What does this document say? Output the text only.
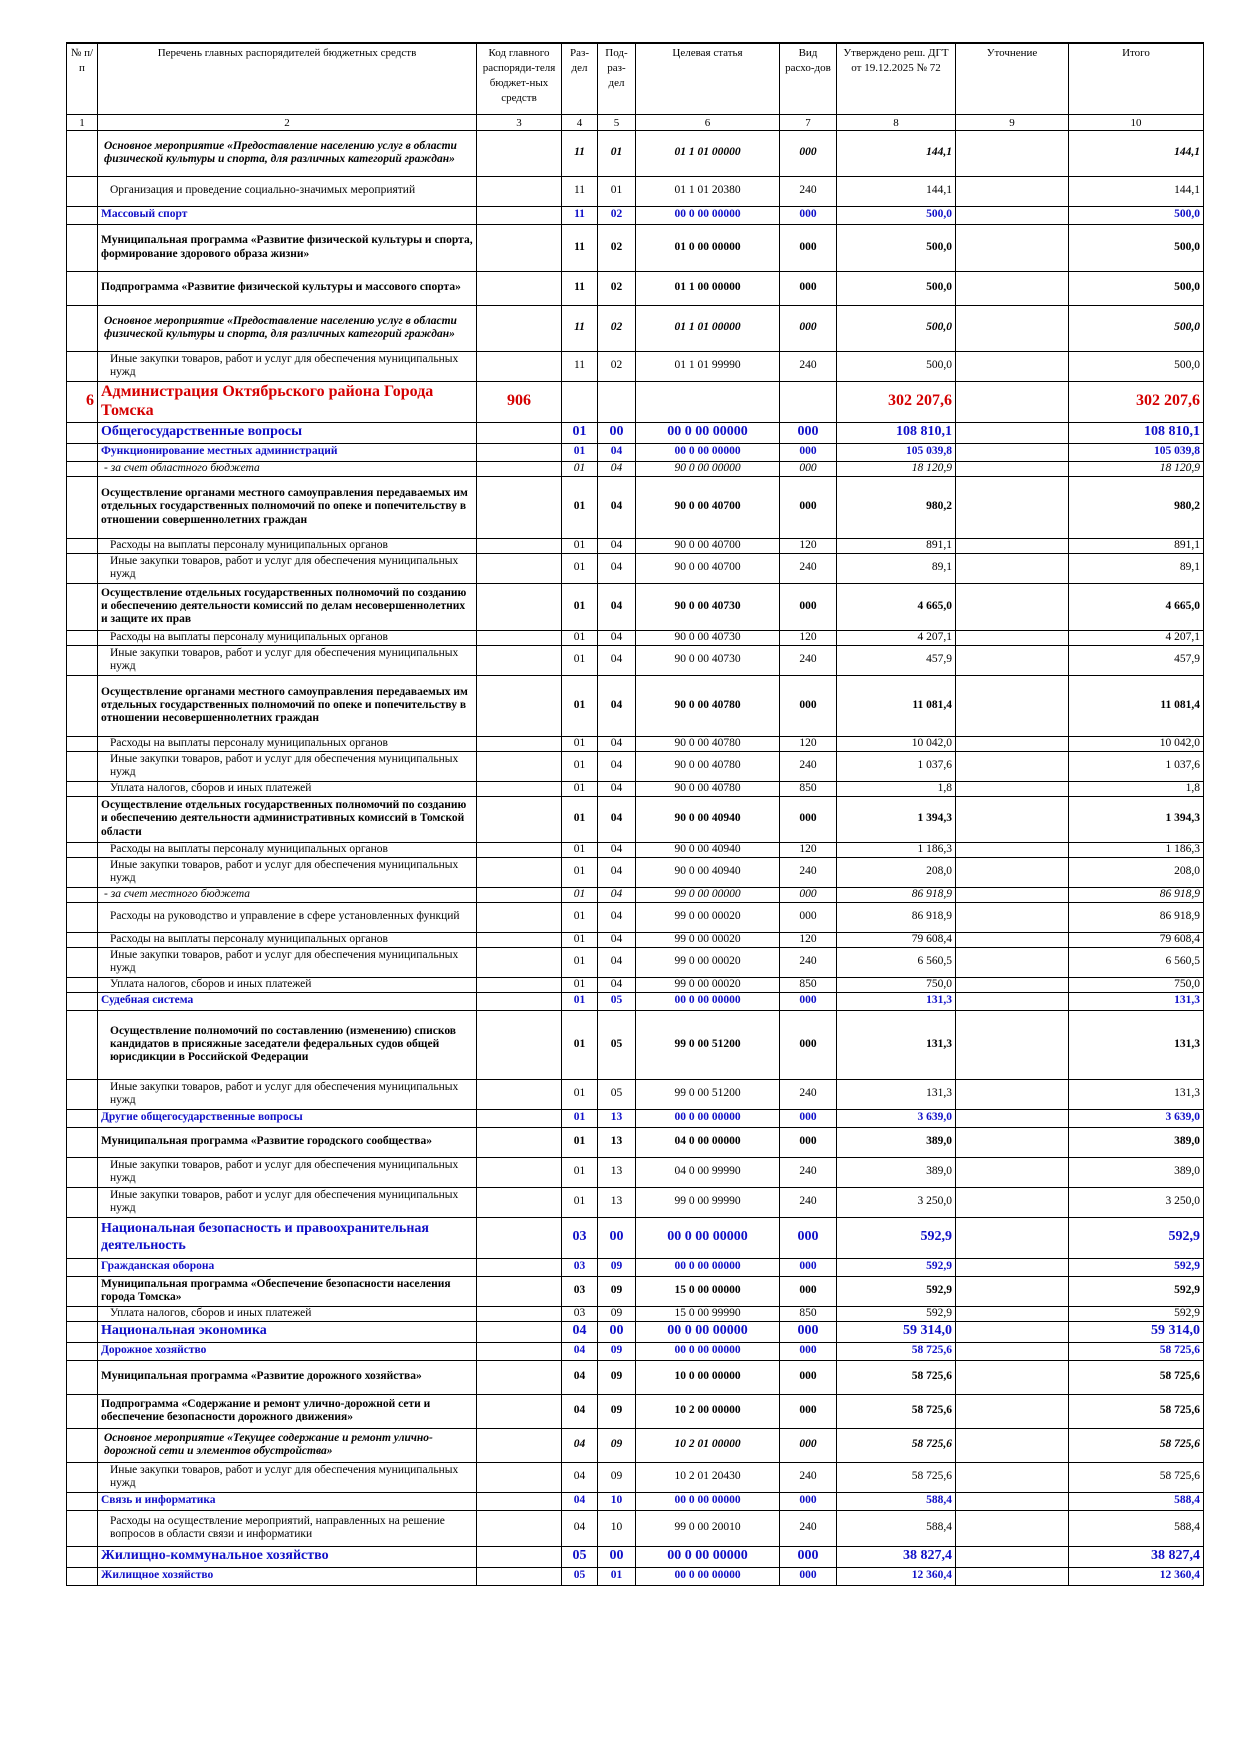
№ п/п	Перечень главных распорядителей бюджетных средств	Код главного распоряди-теля бюджет-ных средств	Раз-дел	Под-раз-дел	Целевая статья	Вид расхо-дов	Утверждено реш. ДГТ от 19.12.2025 № 72	Уточнение	Итого
1	2	3	4	5	6	7	8	9	10
	Основное мероприятие «Предоставление населению услуг в области физической культуры и спорта, для различных категорий граждан»		11	01	01 1 01 00000	000	144,1		144,1
	Организация и проведение социально-значимых мероприятий		11	01	01 1 01 20380	240	144,1		144,1
	Массовый спорт		11	02	00 0 00 00000	000	500,0		500,0
	Муниципальная программа «Развитие физической культуры и спорта, формирование здорового образа жизни»		11	02	01 0 00 00000	000	500,0		500,0
	Подпрограмма «Развитие физической культуры и массового спорта»		11	02	01 1 00 00000	000	500,0		500,0
	Основное мероприятие «Предоставление населению услуг в области физической культуры и спорта, для различных категорий граждан»		11	02	01 1 01 00000	000	500,0		500,0
	Иные закупки товаров, работ и услуг для обеспечения муниципальных нужд		11	02	01 1 01 99990	240	500,0		500,0
6	Администрация Октябрьского района Города Томска	906					302 207,6		302 207,6
	Общегосударственные вопросы		01	00	00 0 00 00000	000	108 810,1		108 810,1
	Функционирование местных администраций		01	04	00 0 00 00000	000	105 039,8		105 039,8
	- за счет областного бюджета		01	04	90 0 00 00000	000	18 120,9		18 120,9
	Осуществление органами местного самоуправления передаваемых им отдельных государственных полномочий по опеке и попечительству в отношении совершеннолетних граждан		01	04	90 0 00 40700	000	980,2		980,2
	Расходы на выплаты персоналу муниципальных органов		01	04	90 0 00 40700	120	891,1		891,1
	Иные закупки товаров, работ и услуг для обеспечения муниципальных нужд		01	04	90 0 00 40700	240	89,1		89,1
	Осуществление отдельных государственных полномочий по созданию и обеспечению деятельности комиссий по делам несовершеннолетних и защите их прав		01	04	90 0 00 40730	000	4 665,0		4 665,0
	Расходы на выплаты персоналу муниципальных органов		01	04	90 0 00 40730	120	4 207,1		4 207,1
	Иные закупки товаров, работ и услуг для обеспечения муниципальных нужд		01	04	90 0 00 40730	240	457,9		457,9
	Осуществление органами местного самоуправления передаваемых им отдельных государственных полномочий по опеке и попечительству в отношении несовершеннолетних граждан		01	04	90 0 00 40780	000	11 081,4		11 081,4
	Расходы на выплаты персоналу муниципальных органов		01	04	90 0 00 40780	120	10 042,0		10 042,0
	Иные закупки товаров, работ и услуг для обеспечения муниципальных нужд		01	04	90 0 00 40780	240	1 037,6		1 037,6
	Уплата налогов, сборов и иных платежей		01	04	90 0 00 40780	850	1,8		1,8
	Осуществление отдельных государственных полномочий по созданию и обеспечению деятельности административных комиссий в Томской области		01	04	90 0 00 40940	000	1 394,3		1 394,3
	Расходы на выплаты персоналу муниципальных органов		01	04	90 0 00 40940	120	1 186,3		1 186,3
	Иные закупки товаров, работ и услуг для обеспечения муниципальных нужд		01	04	90 0 00 40940	240	208,0		208,0
	- за счет местного бюджета		01	04	99 0 00 00000	000	86 918,9		86 918,9
	Расходы на руководство и управление в сфере установленных функций		01	04	99 0 00 00020	000	86 918,9		86 918,9
	Расходы на выплаты персоналу муниципальных органов		01	04	99 0 00 00020	120	79 608,4		79 608,4
	Иные закупки товаров, работ и услуг для обеспечения муниципальных нужд		01	04	99 0 00 00020	240	6 560,5		6 560,5
	Уплата налогов, сборов и иных платежей		01	04	99 0 00 00020	850	750,0		750,0
	Судебная система		01	05	00 0 00 00000	000	131,3		131,3
	Осуществление полномочий по составлению (изменению) списков кандидатов в присяжные заседатели федеральных судов общей юрисдикции в Российской Федерации		01	05	99 0 00 51200	000	131,3		131,3
	Иные закупки товаров, работ и услуг для обеспечения муниципальных нужд		01	05	99 0 00 51200	240	131,3		131,3
	Другие общегосударственные вопросы		01	13	00 0 00 00000	000	3 639,0		3 639,0
	Муниципальная программа «Развитие городского сообщества»		01	13	04 0 00 00000	000	389,0		389,0
	Иные закупки товаров, работ и услуг для обеспечения муниципальных нужд		01	13	04 0 00 99990	240	389,0		389,0
	Иные закупки товаров, работ и услуг для обеспечения муниципальных нужд		01	13	99 0 00 99990	240	3 250,0		3 250,0
	Национальная безопасность и правоохранительная деятельность		03	00	00 0 00 00000	000	592,9		592,9
	Гражданская оборона		03	09	00 0 00 00000	000	592,9		592,9
	Муниципальная программа «Обеспечение безопасности населения города Томска»		03	09	15 0 00 00000	000	592,9		592,9
	Уплата налогов, сборов и иных платежей		03	09	15 0 00 99990	850	592,9		592,9
	Национальная экономика		04	00	00 0 00 00000	000	59 314,0		59 314,0
	Дорожное хозяйство		04	09	00 0 00 00000	000	58 725,6		58 725,6
	Муниципальная программа «Развитие дорожного хозяйства»		04	09	10 0 00 00000	000	58 725,6		58 725,6
	Подпрограмма «Содержание и ремонт улично-дорожной сети и обеспечение безопасности дорожного движения»		04	09	10 2 00 00000	000	58 725,6		58 725,6
	Основное мероприятие «Текущее содержание и ремонт улично-дорожной сети и элементов обустройства»		04	09	10 2 01 00000	000	58 725,6		58 725,6
	Иные закупки товаров, работ и услуг для обеспечения муниципальных нужд		04	09	10 2 01 20430	240	58 725,6		58 725,6
	Связь и информатика		04	10	00 0 00 00000	000	588,4		588,4
	Расходы на осуществление мероприятий, направленных на решение вопросов в области связи и информатики		04	10	99 0 00 20010	240	588,4		588,4
	Жилищно-коммунальное хозяйство		05	00	00 0 00 00000	000	38 827,4		38 827,4
	Жилищное хозяйство		05	01	00 0 00 00000	000	12 360,4		12 360,4
